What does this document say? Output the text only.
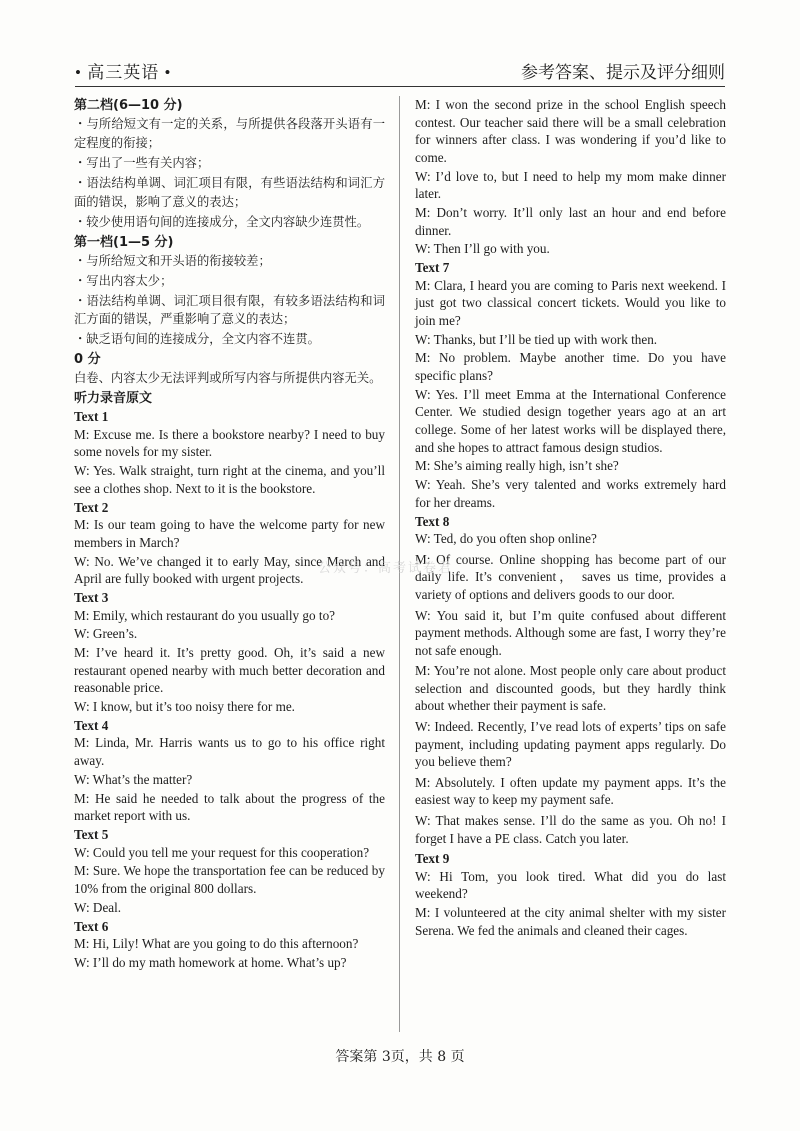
• 高三英语 •	参考答案、提示及评分细则
第二档(6—10 分)
・与所给短文有一定的关系，与所提供各段落开头语有一定程度的衔接；
・写出了一些有关内容；
・语法结构单调、词汇项目有限，有些语法结构和词汇方面的错误，影响了意义的表达；
・较少使用语句间的连接成分，全文内容缺少连贯性。
第一档(1—5 分)
・与所给短文和开头语的衔接较差；
・写出内容太少；
・语法结构单调、词汇项目很有限，有较多语法结构和词汇方面的错误，严重影响了意义的表达；
・缺乏语句间的连接成分，全文内容不连贯。
0 分
白卷、内容太少无法评判或所写内容与所提供内容无关。
听力录音原文
Text 1
M: Excuse me. Is there a bookstore nearby? I need to buy some novels for my sister.
W: Yes. Walk straight, turn right at the cinema, and you’ll see a clothes shop. Next to it is the bookstore.
Text 2
M: Is our team going to have the welcome party for new members in March?
W: No. We’ve changed it to early May, since March and April are fully booked with urgent projects.
Text 3
M: Emily, which restaurant do you usually go to?
W: Green’s.
M: I’ve heard it. It’s pretty good. Oh, it’s said a new restaurant opened nearby with much better decoration and reasonable price.
W: I know, but it’s too noisy there for me.
Text 4
M: Linda, Mr. Harris wants us to go to his office right away.
W: What’s the matter?
M: He said he needed to talk about the progress of the market report with us.
Text 5
W: Could you tell me your request for this cooperation?
M: Sure. We hope the transportation fee can be reduced by 10% from the original 800 dollars.
W: Deal.
Text 6
M: Hi, Lily! What are you going to do this afternoon?
W: I’ll do my math homework at home. What’s up?
M: I won the second prize in the school English speech contest. Our teacher said there will be a small celebration for winners after class. I was wondering if you’d like to come.
W: I’d love to, but I need to help my mom make dinner later.
M: Don’t worry. It’ll only last an hour and end before dinner.
W: Then I’ll go with you.
Text 7
M: Clara, I heard you are coming to Paris next weekend. I just got two classical concert tickets. Would you like to join me?
W: Thanks, but I’ll be tied up with work then.
M: No problem. Maybe another time. Do you have specific plans?
W: Yes. I’ll meet Emma at the International Conference Center. We studied design together years ago at an art college. Some of her latest works will be displayed there, and she hopes to attract famous design studios.
M: She’s aiming really high, isn’t she?
W: Yeah. She’s very talented and works extremely hard for her dreams.
Text 8
W: Ted, do you often shop online?
M: Of course. Online shopping has become part of our daily life. It’s convenient， saves us time, provides a variety of options and delivers goods to our door.
W: You said it, but I’m quite confused about different payment methods. Although some are fast, I worry they’re not safe enough.
M: You’re not alone. Most people only care about product selection and discounted goods, but they hardly think about whether their payment is safe.
W: Indeed. Recently, I’ve read lots of experts’ tips on safe payment, including updating payment apps regularly. Do you believe them?
M: Absolutely. I often update my payment apps. It’s the easiest way to keep my payment safe.
W: That makes sense. I’ll do the same as you. Oh no! I forget I have a PE class. Catch you later.
Text 9
W: Hi Tom, you look tired. What did you do last weekend?
M: I volunteered at the city animal shelter with my sister Serena. We fed the animals and cleaned their cages.
公众号：高考试卷君
答案第 3页，共 8 页
